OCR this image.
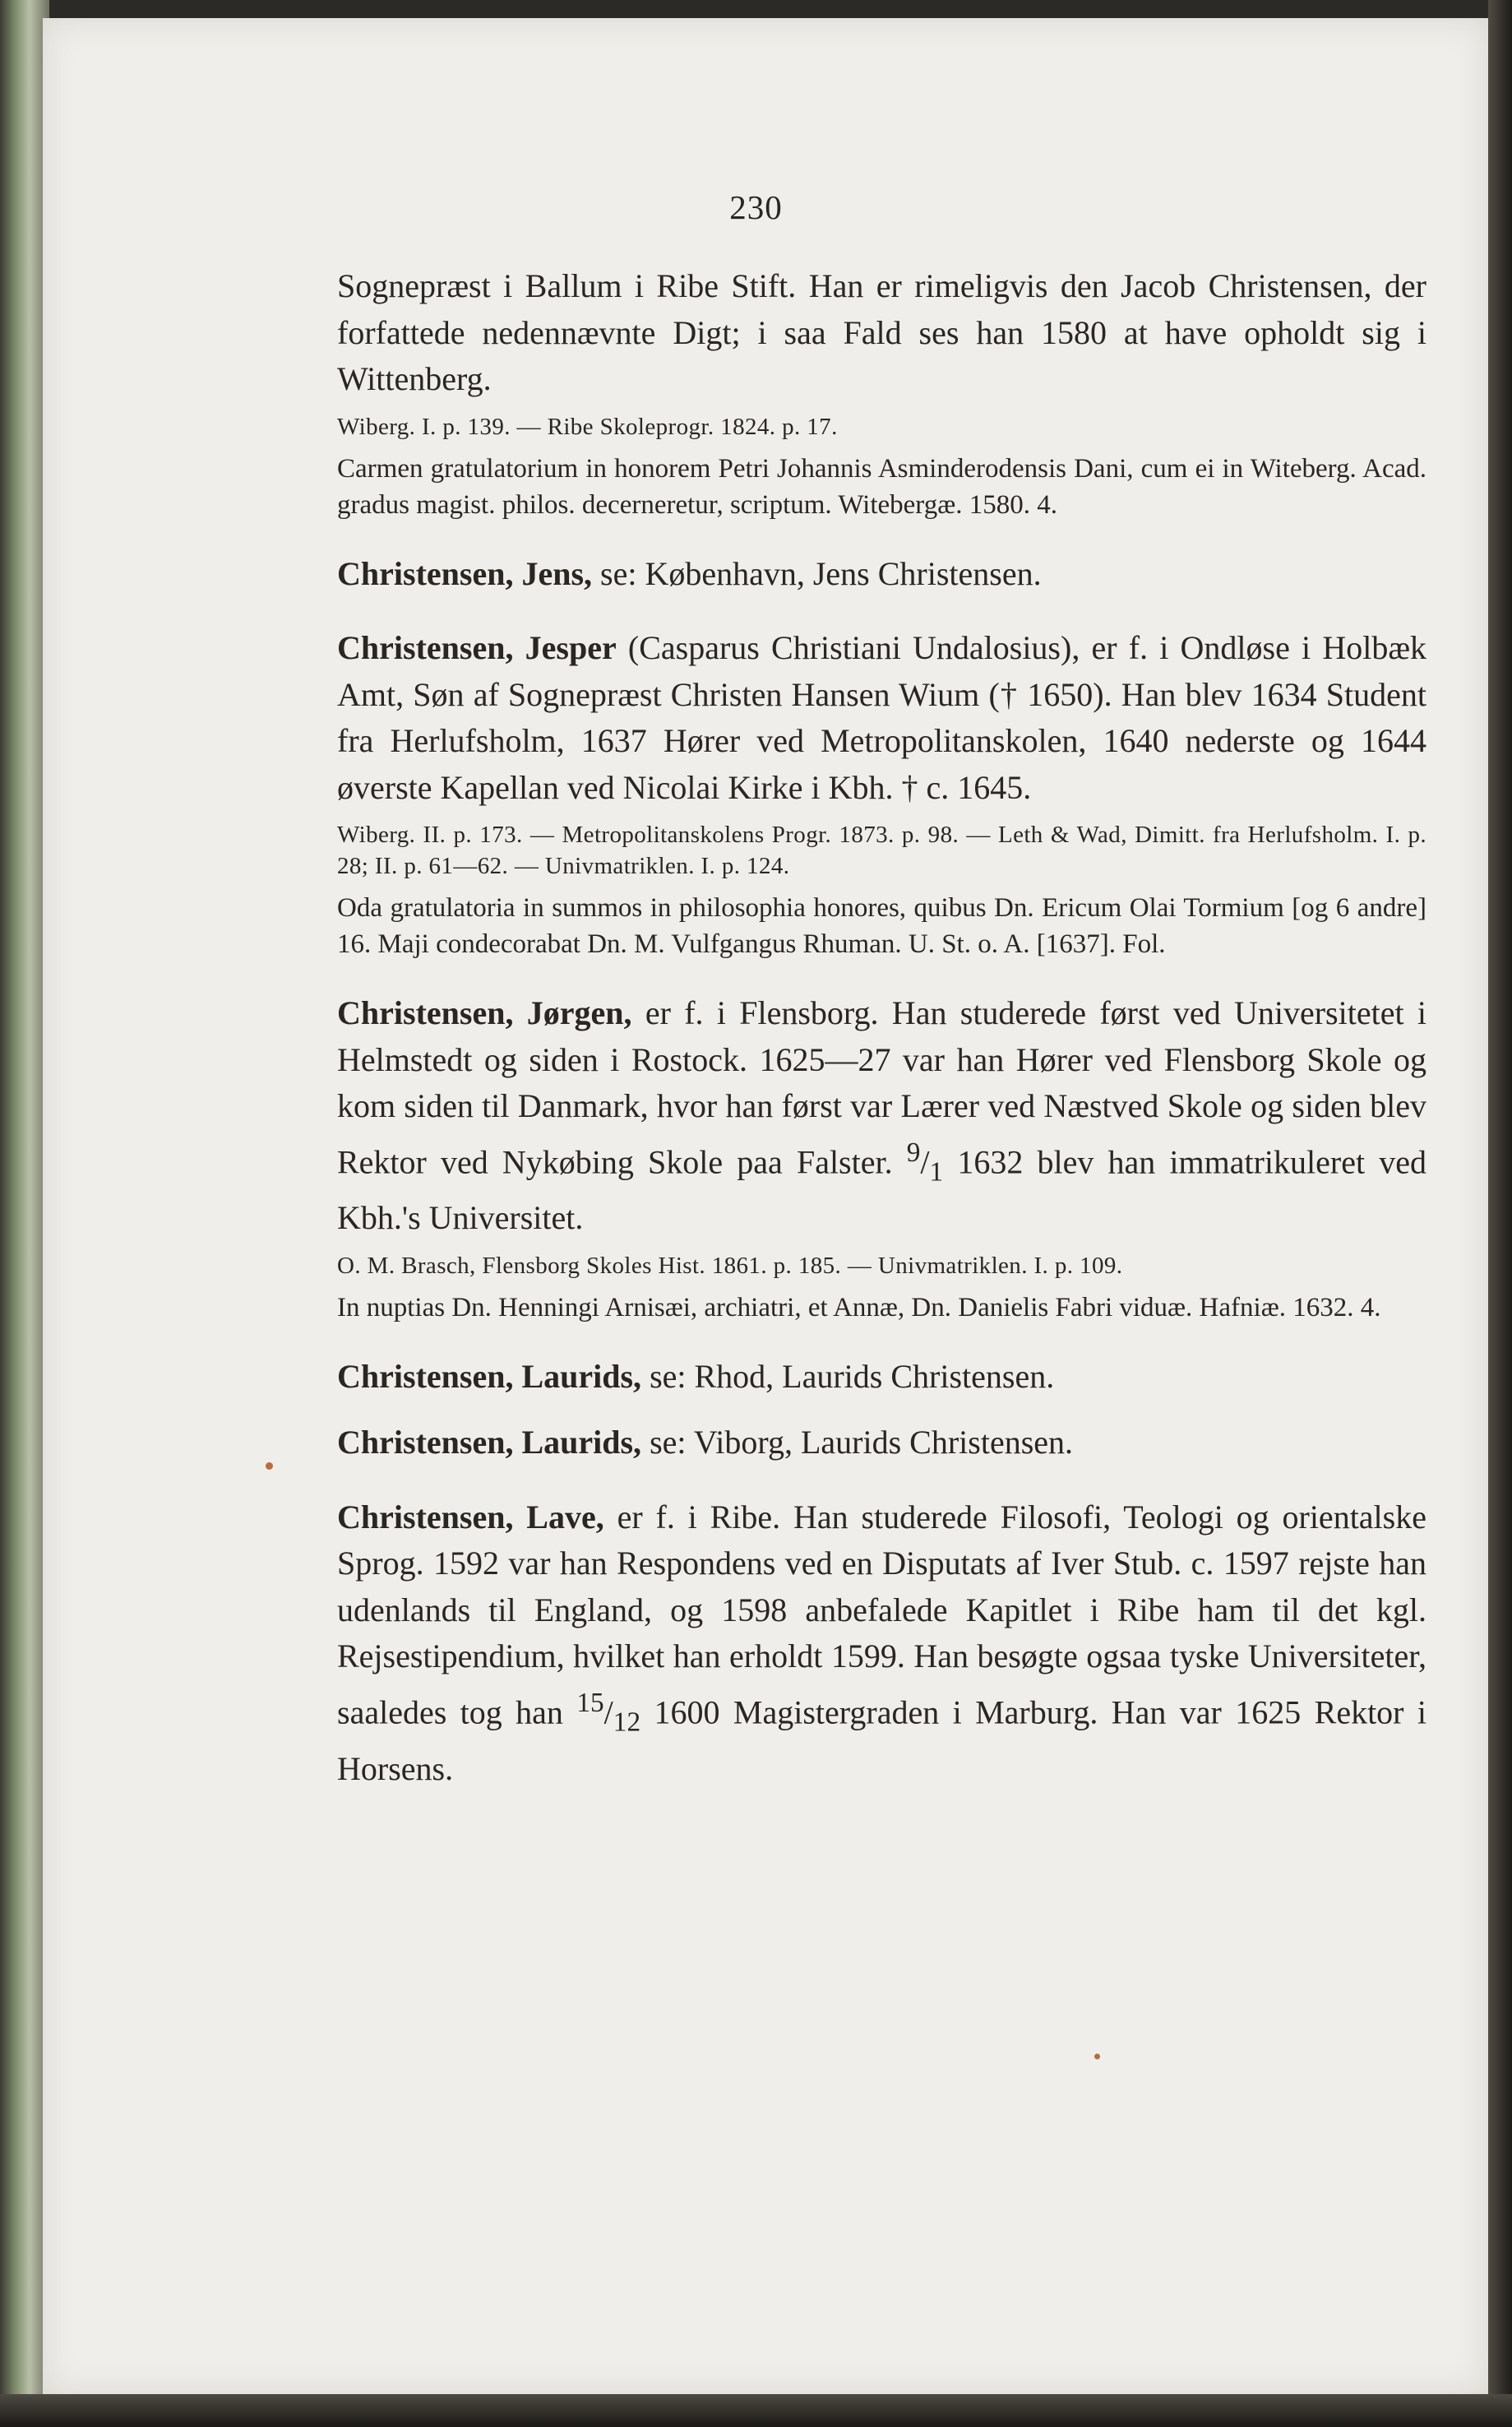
230

Sognepræst i Ballum i Ribe Stift. Han er rimeligvis den Jacob Christensen, der forfattede nedennævnte Digt; i saa Fald ses han 1580 at have opholdt sig i Wittenberg.

Wiberg. I. p. 139. — Ribe Skoleprogr. 1824. p. 17.

Carmen gratulatorium in honorem Petri Johannis Asminderodensis Dani, cum ei in Witeberg. Acad. gradus magist. philos. decerneretur, scriptum. Witebergæ. 1580. 4.

Christensen, Jens, se: København, Jens Christensen.

Christensen, Jesper (Casparus Christiani Undalosius), er f. i Ondløse i Holbæk Amt, Søn af Sognepræst Christen Hansen Wium († 1650). Han blev 1634 Student fra Herlufsholm, 1637 Hører ved Metropolitanskolen, 1640 nederste og 1644 øverste Kapellan ved Nicolai Kirke i Kbh. † c. 1645.

Wiberg. II. p. 173. — Metropolitanskolens Progr. 1873. p. 98. — Leth & Wad, Dimitt. fra Herlufsholm. I. p. 28; II. p. 61—62. — Univmatriklen. I. p. 124.

Oda gratulatoria in summos in philosophia honores, quibus Dn. Ericum Olai Tormium [og 6 andre] 16. Maji condecorabat Dn. M. Vulfgangus Rhuman. U. St. o. A. [1637]. Fol.

Christensen, Jørgen, er f. i Flensborg. Han studerede først ved Universitetet i Helmstedt og siden i Rostock. 1625—27 var han Hører ved Flensborg Skole og kom siden til Danmark, hvor han først var Lærer ved Næstved Skole og siden blev Rektor ved Nykøbing Skole paa Falster. $^9/_1$ 1632 blev han immatrikuleret ved Kbh.'s Universitet.

O. M. Brasch, Flensborg Skoles Hist. 1861. p. 185. — Univmatriklen. I. p. 109.

In nuptias Dn. Henningi Arnisæi, archiatri, et Annæ, Dn. Danielis Fabri viduæ. Hafniæ. 1632. 4.

Christensen, Laurids, se: Rhod, Laurids Christensen.

Christensen, Laurids, se: Viborg, Laurids Christensen.

Christensen, Lave, er f. i Ribe. Han studerede Filosofi, Teologi og orientalske Sprog. 1592 var han Respondens ved en Disputats af Iver Stub. c. 1597 rejste han udenlands til England, og 1598 anbefalede Kapitlet i Ribe ham til det kgl. Rejsestipendium, hvilket han erholdt 1599. Han besøgte ogsaa tyske Universiteter, saaledes tog han $^{15}/_{12}$ 1600 Magistergraden i Marburg. Han var 1625 Rektor i Horsens.
